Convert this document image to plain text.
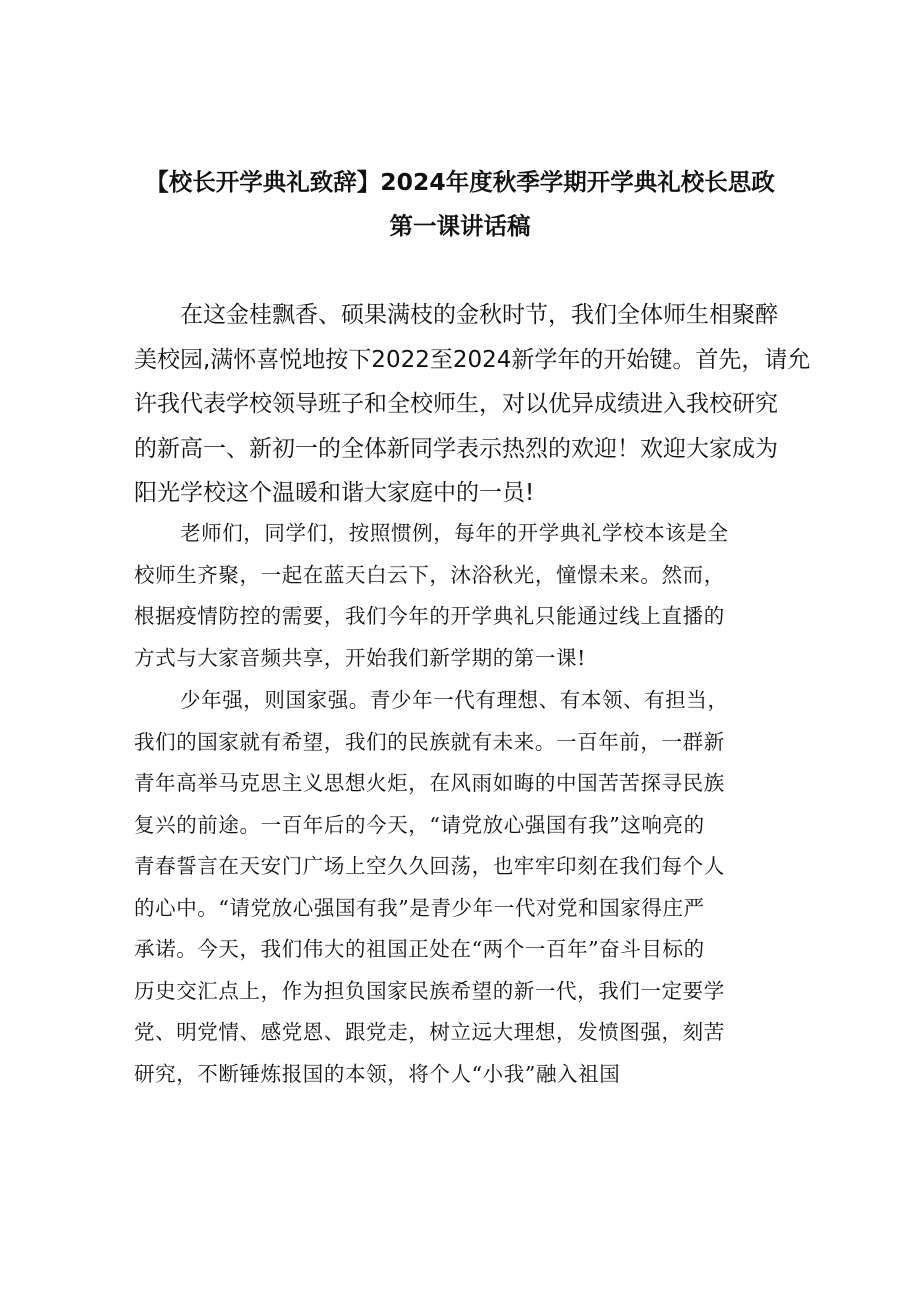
【校长开学典礼致辞】2024年度秋季学期开学典礼校长思政
第一课讲话稿
在这金桂飘香、硕果满枝的金秋时节，我们全体师生相聚醉
美校园,满怀喜悦地按下2022至2024新学年的开始键。首先，请允
许我代表学校领导班子和全校师生，对以优异成绩进入我校研究
的新高一、新初一的全体新同学表示热烈的欢迎！欢迎大家成为
阳光学校这个温暖和谐大家庭中的一员!
老师们，同学们，按照惯例，每年的开学典礼学校本该是全
校师生齐聚，一起在蓝天白云下，沐浴秋光，憧憬未来。然而，
根据疫情防控的需要，我们今年的开学典礼只能通过线上直播的
方式与大家音频共享，开始我们新学期的第一课!
少年强，则国家强。青少年一代有理想、有本领、有担当，
我们的国家就有希望，我们的民族就有未来。一百年前，一群新
青年高举马克思主义思想火炬，在风雨如晦的中国苦苦探寻民族
复兴的前途。一百年后的今天，“请党放心强国有我”这响亮的
青春誓言在天安门广场上空久久回荡，也牢牢印刻在我们每个人
的心中。“请党放心强国有我”是青少年一代对党和国家得庄严
承诺。今天，我们伟大的祖国正处在“两个一百年”奋斗目标的
历史交汇点上，作为担负国家民族希望的新一代，我们一定要学
党、明党情、感党恩、跟党走，树立远大理想，发愤图强，刻苦
研究，不断锤炼报国的本领，将个人“小我”融入祖国
